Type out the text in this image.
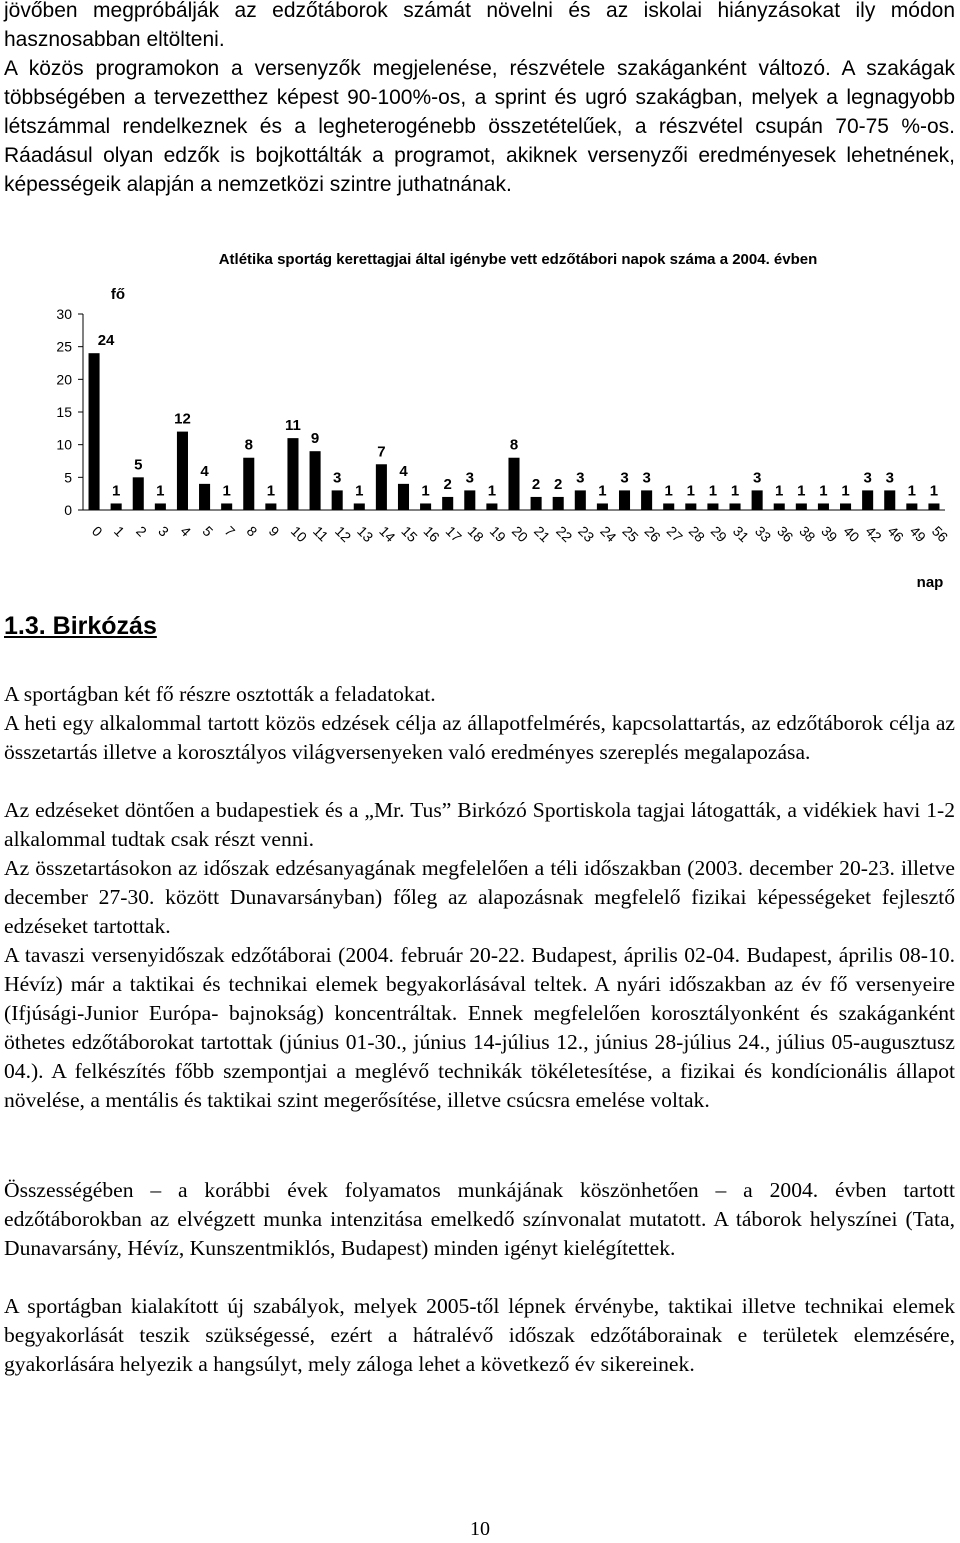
jövőben megpróbálják az edzőtáborok számát növelni és az iskolai hiányzásokat ily módon hasznosabban eltölteni.

A közös programokon a versenyzők megjelenése, részvétele szakáganként változó. A szakágak többségében a tervezetthez képest 90-100%-os, a sprint és ugró szakágban, melyek a legnagyobb létszámmal rendelkeznek és a legheterogénebb összetételűek, a részvétel csupán 70-75 %-os. Ráadásul olyan edzők is bojkottálták a programot, akiknek versenyzői eredményesek lehetnének, képességeik alapján a nemzetközi szintre juthatnának.

Atlétika sportág kerettagjai által igénybe vett edzőtábori napok száma a 2004. évben
fő
nap
0
5
10
15
20
25
30
24
1
5
1
12
4
1
8
1
11
9
3
1
7
4
1 2 3
1
8
2 2 3
1
3 3
1 1 1 1
3
1 1 1 1
3 3
1 1
0 1 2 3 4 5 7 8 9 10 11 12 13 14 15 16 17 18 19 20 21 22 23 24 25 26 27 28 29 31 33 36 38 39 40 42 46 49 56
1.3. Birkózás

A sportágban két fő részre osztották a feladatokat.

A heti egy alkalommal tartott közös edzések célja az állapotfelmérés, kapcsolattartás, az edzőtáborok célja az összetartás illetve a korosztályos világversenyeken való eredményes szereplés megalapozása.

Az edzéseket döntően a budapestiek és a „Mr. Tus” Birkózó Sportiskola tagjai látogatták, a vidékiek havi 1-2 alkalommal tudtak csak részt venni.

Az összetartásokon az időszak edzésanyagának megfelelően a téli időszakban (2003. december 20-23. illetve december 27-30. között Dunavarsányban) főleg az alapozásnak megfelelő fizikai képességeket fejlesztő edzéseket tartottak.

A tavaszi versenyidőszak edzőtáborai (2004. február 20-22. Budapest, április 02-04. Budapest, április 08-10. Hévíz) már a taktikai és technikai elemek begyakorlásával teltek. A nyári időszakban az év fő versenyeire (Ifjúsági-Junior Európa- bajnokság) koncentráltak. Ennek megfelelően korosztályonként és szakáganként öthetes edzőtáborokat tartottak (június 01-30., június 14-július 12., június 28-július 24., július 05-augusztusz 04.). A felkészítés főbb szempontjai a meglévő technikák tökéletesítése, a fizikai és kondícionális állapot növelése, a mentális és taktikai szint megerősítése, illetve csúcsra emelése voltak.

Összességében – a korábbi évek folyamatos munkájának köszönhetően – a 2004. évben tartott edzőtáborokban az elvégzett munka intenzitása emelkedő színvonalat mutatott. A táborok helyszínei (Tata, Dunavarsány, Hévíz, Kunszentmiklós, Budapest) minden igényt kielégítettek.

A sportágban kialakított új szabályok, melyek 2005-től lépnek érvénybe, taktikai illetve technikai elemek begyakorlását teszik szükségessé, ezért a hátralévő időszak edzőtáborainak e területek elemzésére, gyakorlására helyezik a hangsúlyt, mely záloga lehet a következő év sikereinek.

10
